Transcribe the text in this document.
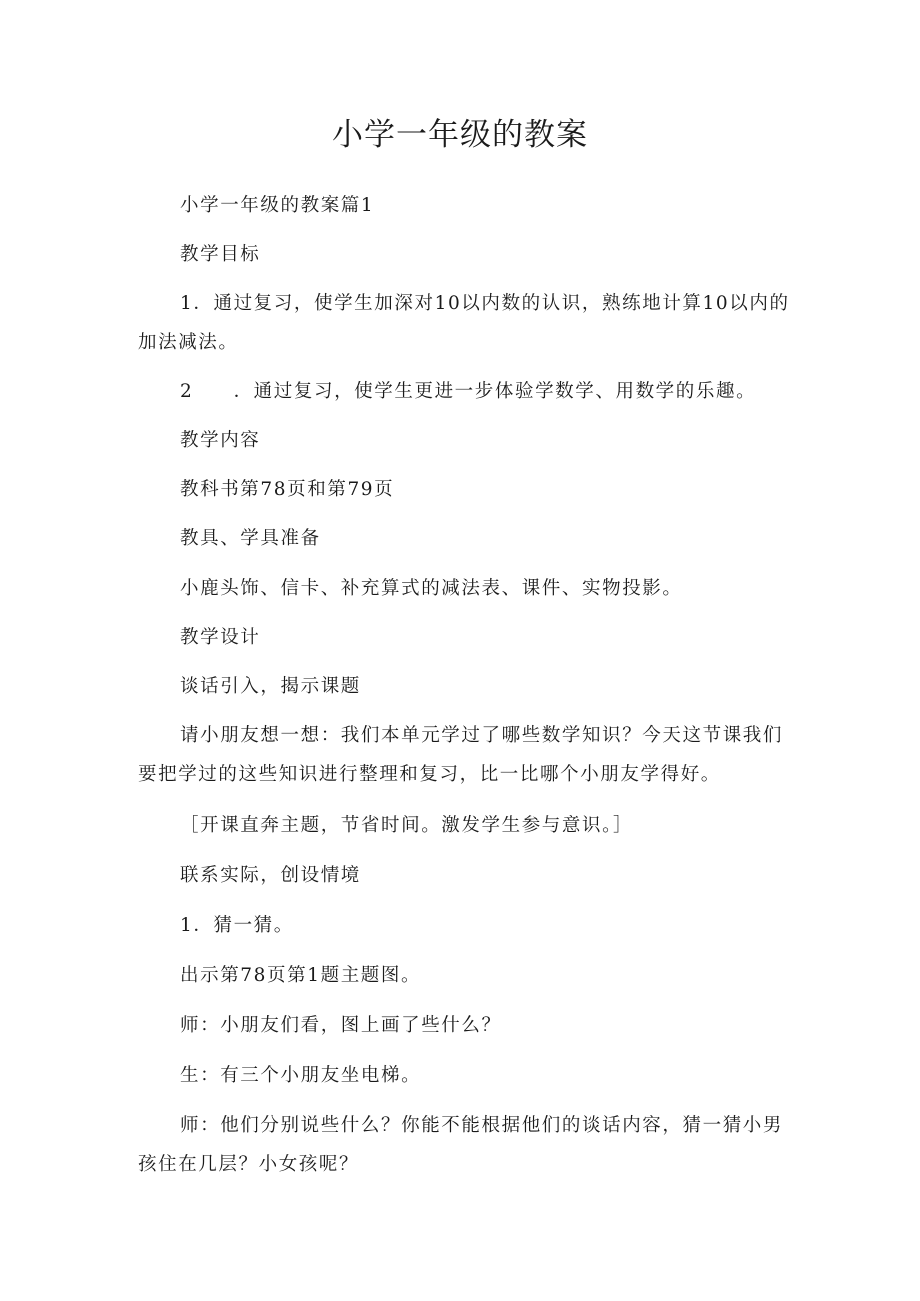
小学一年级的教案

小学一年级的教案篇1

教学目标

1．通过复习，使学生加深对10以内数的认识，熟练地计算10以内的加法减法。

2　　．通过复习，使学生更进一步体验学数学、用数学的乐趣。

教学内容

教科书第78页和第79页

教具、学具准备

小鹿头饰、信卡、补充算式的减法表、课件、实物投影。

教学设计

谈话引入，揭示课题

请小朋友想一想：我们本单元学过了哪些数学知识？今天这节课我们要把学过的这些知识进行整理和复习，比一比哪个小朋友学得好。

［开课直奔主题，节省时间。激发学生参与意识。］

联系实际，创设情境

1．猜一猜。

出示第78页第1题主题图。

师：小朋友们看，图上画了些什么？

生：有三个小朋友坐电梯。

师：他们分别说些什么？你能不能根据他们的谈话内容，猜一猜小男孩住在几层？小女孩呢？
